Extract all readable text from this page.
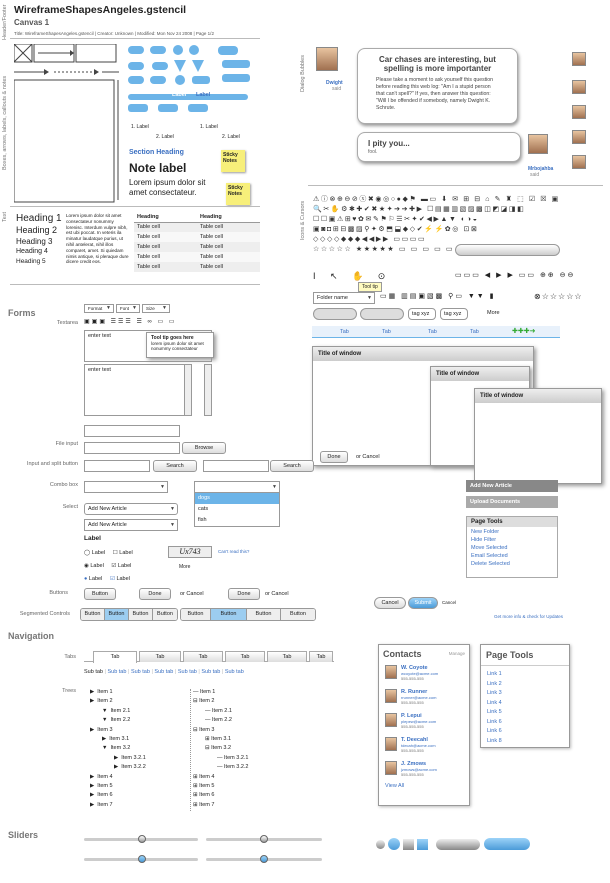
WireframeShapesAngeles.gstencil
Canvas 1
Title: WireframeShapesAngeles.gstencil | Creator: Unknown | Modified: Mon Nov 24 2008 | Page 1/2
Header/Footer
Boxes, arrows, labels, callouts & notes
Text
Dialog Bubbles
Icons & Cursors
Label Label
1. Label
2. Label
1. Label
2. Label
Section Heading
Note label
Lorem ipsum dolor sit amet consectateur.
Sticky Notes
Sticky Notes
Heading 1
Heading 2
Heading 3
Heading 4
Heading 5
Lorem ipsum dolor sit amet consectateur nonummy lorenisc. Interdum vulpre nibh, est ubi poccat. In veteris ila minatur laudatque purius, ut nihil antelerat, nihil illos comparet, amet. Si quiedam nimis antique, si pleraque dure dicere credit eos.
Heading	Heading
Table cell	Table cell
Table cell	Table cell
Table cell	Table cell
Table cell	Table cell
Table cell	Table cell
Dwight
said
Car chases are interesting, but spelling is more importanter
Please take a moment to ask yourself this question before reading this web log: "Am I a stupid person that can't spell?" If yes, then answer this question: "Will I be offended if somebody, namely Dwight K. Schrute.
I pity you...
fool.
Mrbojahba
said
⚠ⓘ⊗⊕⊖⊘ⓧ✖◉◎○●◆⚑ ▬▭ ⬇ ✉ ⊞ ⊟ ⌂ ✎ ♜ ⬚ ☑ ☒ ▣
🔍✂✋⚙✱✚✔✖★✦➔➔✚▶ ☐▤▦▥▧▨▩◫◩◪◨◧
☐☐▣⚠⊞♥✿✉✎⚑⚐☰✂✦✔◀▶▲▼ ◐◑◒
▣◙◘⊞⊟▩▨⚲✦⚙⬒⬓◆◇✔⚡⚡✿◎ ⊡⊠
◇◇◇◇◆◆◆◀◀▶▶ ▭▭▭▭
☆☆☆☆☆ ★★★★★ ▭ ▭ ▭ ▭ ▭
I ↖ ✋ ⊙
Tool tip
▭▭▭ ◀ ▶ ▶ ▭▭ ⊕⊕ ⊖⊖
Folder name ▼	▭▦ ▥▤▣▧▩ ⚲▭ ▼▼ ▮	⊗☆☆☆☆☆
tag xyz	tag xyz	More
Tab	Tab	Tab	Tab	✚✚✚➜
Title of window
Done	or Cancel
Title of window
Title of window
Forms
Textarea
Format ▼	Font ▼	Size ▼
▣▣▣ ☰☰☰ ☰ ∞ ▭ ▭
enter text	Tool tip goes here
lorem ipsum dolor sit amet nonummy consectateur
enter text
File input
Browse
Input and split button	Search	Search
Combo box
▼
▼
dogs
cats
fish
Select	Add New Article ▼
Add New Article ▼
Label
◯ Label     ☐ Label
◉ Label     ☑ Label
● Label     ☑ Label
Ux743	Can't read this?
More
Buttons	Button	Done	or Cancel	Done	or Cancel
Segmented Controls	Button	Button	Button	Button	Button	Button	Button	Button
Add New Article
Upload Documents
Page Tools
New Folder
Hide Filter
Move Selected
Email Selected
Delete Selected
Cancel	Submit	Cancel
Get more info & check for Updates
Navigation
Tabs	Tab	Tab	Tab	Tab	Tab	Tab
Sub tab | Sub tab | Sub tab | Sub tab | Sub tab | Sub tab | Sub tab
Trees	▶  Item 1
▶  Item 2
▼  Item 2.1
▼  Item 2.2
▶  Item 3
▶  Item 3.1
▼  Item 3.2
▶  Item 3.2.1
▶  Item 3.2.2
▶  Item 4
▶  Item 5
▶  Item 6
▶  Item 7
— Item 1
⊟ Item 2
— Item 2.1
— Item 2.2
⊟ Item 3
⊞ Item 3.1
⊟ Item 3.2
— Item 3.2.1
— Item 3.2.2
⊞ Item 4
⊞ Item 5
⊞ Item 6
⊞ Item 7
Contacts	Manage
W. Coyote
wcoyote@acme.com
555-555-555
R. Runner
rrunner@acme.com
555-555-555
P. Lepui
plepew@acme.com
555-555-555
T. Deecahl
tdecah@acme.com
555-555-555
J. Zmows
jzmows@acme.com
555-555-555
View All
Page Tools
Link 1
Link 2
Link 3
Link 4
Link 5
Link 6
Link 6
Link 8
Sliders
